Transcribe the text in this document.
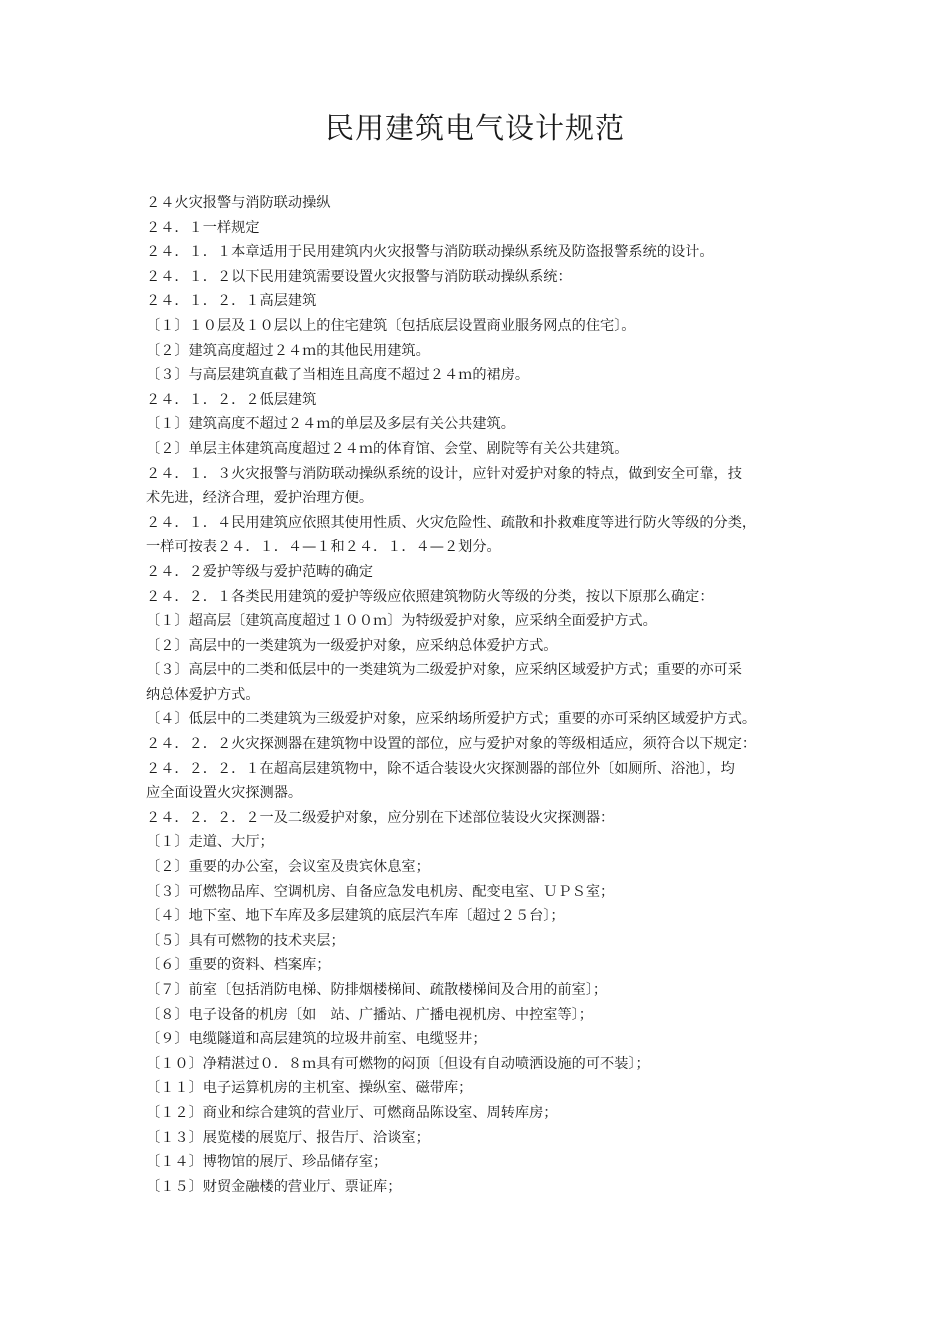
民用建筑电气设计规范

２４火灾报警与消防联动操纵

２４．１一样规定

２４．１．１本章适用于民用建筑内火灾报警与消防联动操纵系统及防盗报警系统的设计。

２４．１．２以下民用建筑需要设置火灾报警与消防联动操纵系统：

２４．１．２．１高层建筑

〔１〕１０层及１０层以上的住宅建筑〔包括底层设置商业服务网点的住宅〕。

〔２〕建筑高度超过２４ｍ的其他民用建筑。

〔３〕与高层建筑直截了当相连且高度不超过２４ｍ的裙房。

２４．１．２．２低层建筑

〔１〕建筑高度不超过２４ｍ的单层及多层有关公共建筑。

〔２〕单层主体建筑高度超过２４ｍ的体育馆、会堂、剧院等有关公共建筑。

２４．１．３火灾报警与消防联动操纵系统的设计，应针对爱护对象的特点，做到安全可靠，技

术先进，经济合理，爱护治理方便。

２４．１．４民用建筑应依照其使用性质、火灾危险性、疏散和扑救难度等进行防火等级的分类，

一样可按表２４．１．４—１和２４．１．４—２划分。

２４．２爱护等级与爱护范畴的确定

２４．２．１各类民用建筑的爱护等级应依照建筑物防火等级的分类，按以下原那么确定：

〔１〕超高层〔建筑高度超过１００ｍ〕为特级爱护对象，应采纳全面爱护方式。

〔２〕高层中的一类建筑为一级爱护对象，应采纳总体爱护方式。

〔３〕高层中的二类和低层中的一类建筑为二级爱护对象，应采纳区域爱护方式；重要的亦可采

纳总体爱护方式。

〔４〕低层中的二类建筑为三级爱护对象，应采纳场所爱护方式；重要的亦可采纳区域爱护方式。

２４．２．２火灾探测器在建筑物中设置的部位，应与爱护对象的等级相适应，须符合以下规定：

２４．２．２．１在超高层建筑物中，除不适合装设火灾探测器的部位外〔如厕所、浴池〕，均

应全面设置火灾探测器。

２４．２．２．２一及二级爱护对象，应分别在下述部位装设火灾探测器：

〔１〕走道、大厅；

〔２〕重要的办公室，会议室及贵宾休息室；

〔３〕可燃物品库、空调机房、自备应急发电机房、配变电室、ＵＰＳ室；

〔４〕地下室、地下车库及多层建筑的底层汽车库〔超过２５台〕；

〔５〕具有可燃物的技术夹层；

〔６〕重要的资料、档案库；

〔７〕前室〔包括消防电梯、防排烟楼梯间、疏散楼梯间及合用的前室〕；

〔８〕电子设备的机房〔如　站、广播站、广播电视机房、中控室等〕；

〔９〕电缆隧道和高层建筑的垃圾井前室、电缆竖井；

〔１０〕净精湛过０．８ｍ具有可燃物的闷顶〔但设有自动喷洒设施的可不装〕；

〔１１〕电子运算机房的主机室、操纵室、磁带库；

〔１２〕商业和综合建筑的营业厅、可燃商品陈设室、周转库房；

〔１３〕展览楼的展览厅、报告厅、洽谈室；

〔１４〕博物馆的展厅、珍品储存室；

〔１５〕财贸金融楼的营业厅、票证库；
